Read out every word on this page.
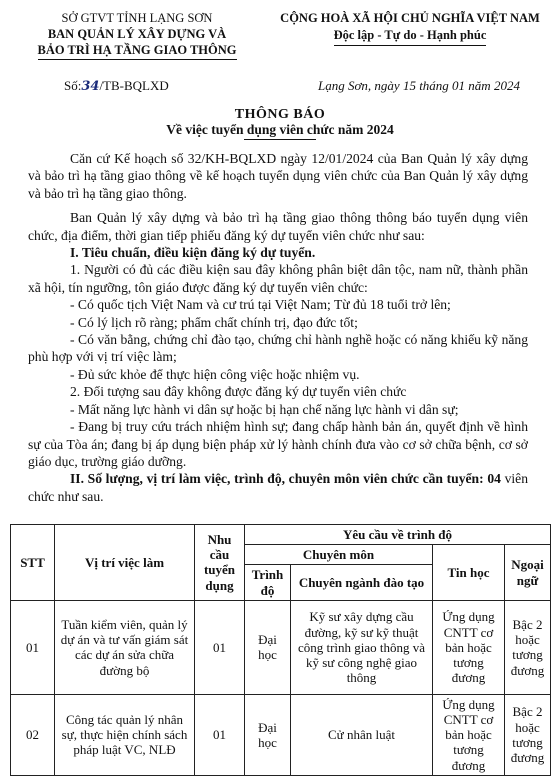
SỞ GTVT TỈNH LẠNG SƠN
BAN QUẢN LÝ XÂY DỰNG VÀ
BẢO TRÌ HẠ TẦNG GIAO THÔNG
CỘNG HOÀ XÃ HỘI CHỦ NGHĨA VIỆT NAM
Độc lập - Tự do - Hạnh phúc
Số:34/TB-BQLXD	Lạng Sơn, ngày 15 tháng 01 năm 2024
THÔNG BÁO
Về việc tuyển dụng viên chức năm 2024

Căn cứ Kế hoạch số 32/KH-BQLXD ngày 12/01/2024 của Ban Quản lý xây dựng và bảo trì hạ tầng giao thông về kế hoạch tuyển dụng viên chức của Ban Quản lý xây dựng và bảo trì hạ tầng giao thông.

Ban Quản lý xây dựng và bảo trì hạ tầng giao thông thông báo tuyển dụng viên chức, địa điểm, thời gian tiếp phiếu đăng ký dự tuyển viên chức như sau:

I. Tiêu chuẩn, điều kiện đăng ký dự tuyển.

1. Người có đủ các điều kiện sau đây không phân biệt dân tộc, nam nữ, thành phần xã hội, tín ngưỡng, tôn giáo được đăng ký dự tuyển viên chức:

- Có quốc tịch Việt Nam và cư trú tại Việt Nam; Từ đủ 18 tuổi trở lên;

- Có lý lịch rõ ràng; phẩm chất chính trị, đạo đức tốt;

- Có văn bằng, chứng chỉ đào tạo, chứng chỉ hành nghề hoặc có năng khiếu kỹ năng phù hợp với vị trí việc làm;

- Đủ sức khỏe để thực hiện công việc hoặc nhiệm vụ.

2. Đối tượng sau đây không được đăng ký dự tuyển viên chức

- Mất năng lực hành vi dân sự hoặc bị hạn chế năng lực hành vi dân sự;

- Đang bị truy cứu trách nhiệm hình sự; đang chấp hành bản án, quyết định về hình sự của Tòa án; đang bị áp dụng biện pháp xử lý hành chính đưa vào cơ sở chữa bệnh, cơ sở giáo dục, trường giáo dưỡng.

II. Số lượng, vị trí làm việc, trình độ, chuyên môn viên chức cần tuyển: 04 viên chức như sau.

STT	Vị trí việc làm	Nhu cầu tuyển dụng	Yêu cầu về trình độ			
			Chuyên môn		Tin học	Ngoại ngữ
			Trình độ	Chuyên ngành đào tạo		
01	Tuần kiểm viên, quản lý dự án và tư vấn giám sát các dự án sửa chữa đường bộ	01	Đại học	Kỹ sư xây dựng cầu đường, kỹ sư kỹ thuật công trình giao thông và kỹ sư công nghệ giao thông	Ứng dụng CNTT cơ bản hoặc tương đương	Bậc 2 hoặc tương đương
02	Công tác quản lý nhân sự, thực hiện chính sách pháp luật VC, NLĐ	01	Đại học	Cử nhân luật	Ứng dụng CNTT cơ bản hoặc tương đương	Bậc 2 hoặc tương đương
